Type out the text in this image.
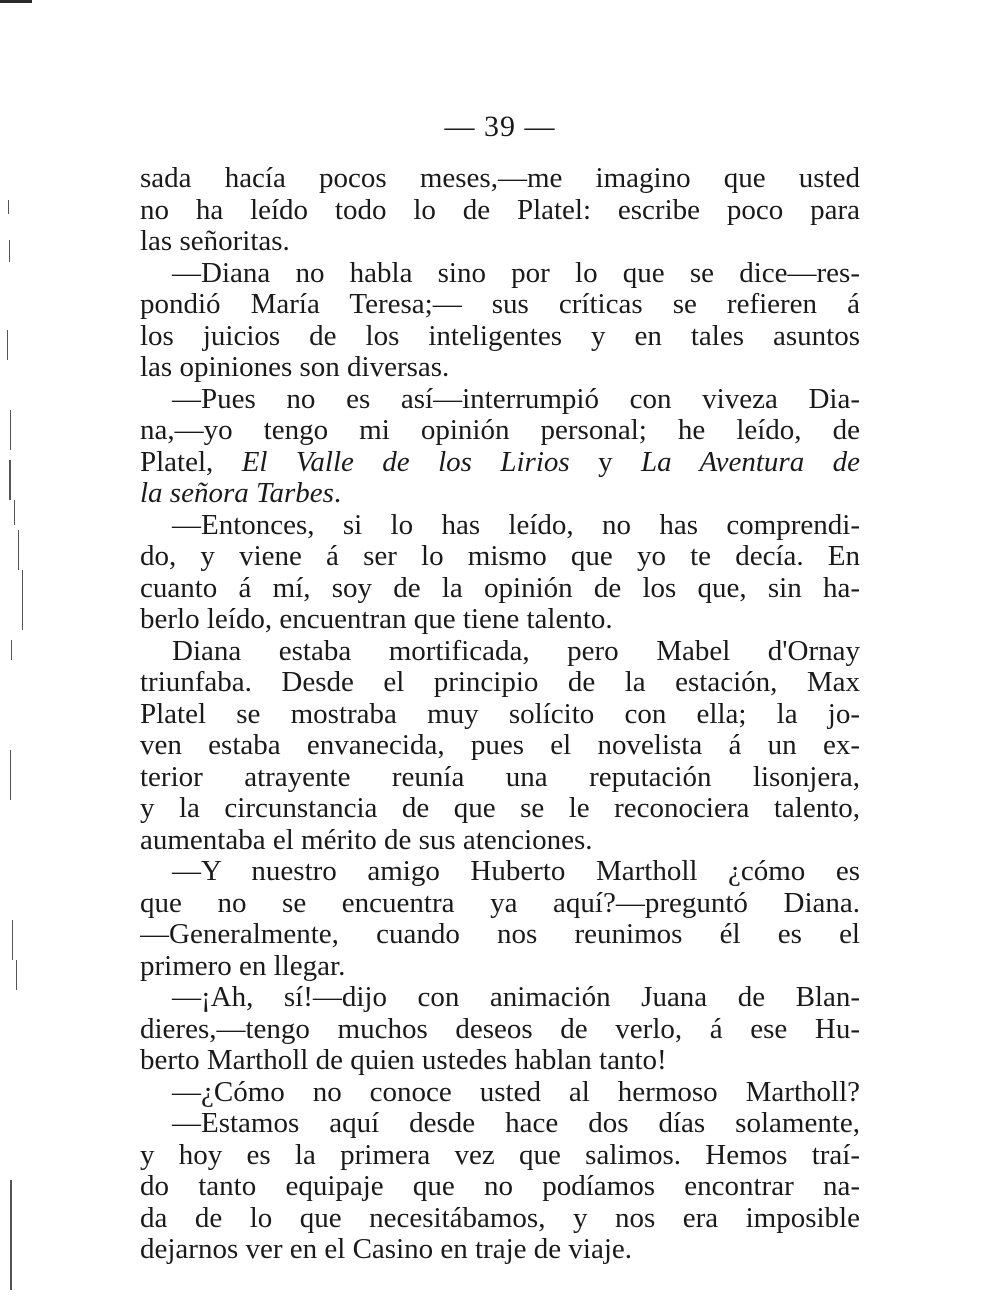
— 39 —
sada hacía pocos meses,—me imagino que usted
no ha leído todo lo de Platel: escribe poco para
las señoritas.
—Diana no habla sino por lo que se dice—res-
pondió María Teresa;— sus críticas se refieren á
los juicios de los inteligentes y en tales asuntos
las opiniones son diversas.
—Pues no es así—interrumpió con viveza Dia-
na,—yo tengo mi opinión personal; he leído, de
Platel, El Valle de los Lirios y La Aventura de
la señora Tarbes.
—Entonces, si lo has leído, no has comprendi-
do, y viene á ser lo mismo que yo te decía. En
cuanto á mí, soy de la opinión de los que, sin ha-
berlo leído, encuentran que tiene talento.
Diana estaba mortificada, pero Mabel d'Ornay
triunfaba. Desde el principio de la estación, Max
Platel se mostraba muy solícito con ella; la jo-
ven estaba envanecida, pues el novelista á un ex-
terior atrayente reunía una reputación lisonjera,
y la circunstancia de que se le reconociera talento,
aumentaba el mérito de sus atenciones.
—Y nuestro amigo Huberto Martholl ¿cómo es
que no se encuentra ya aquí?—preguntó Diana.
—Generalmente, cuando nos reunimos él es el
primero en llegar.
—¡Ah, sí!—dijo con animación Juana de Blan-
dieres,—tengo muchos deseos de verlo, á ese Hu-
berto Martholl de quien ustedes hablan tanto!
—¿Cómo no conoce usted al hermoso Martholl?
—Estamos aquí desde hace dos días solamente,
y hoy es la primera vez que salimos. Hemos traí-
do tanto equipaje que no podíamos encontrar na-
da de lo que necesitábamos, y nos era imposible
dejarnos ver en el Casino en traje de viaje.
